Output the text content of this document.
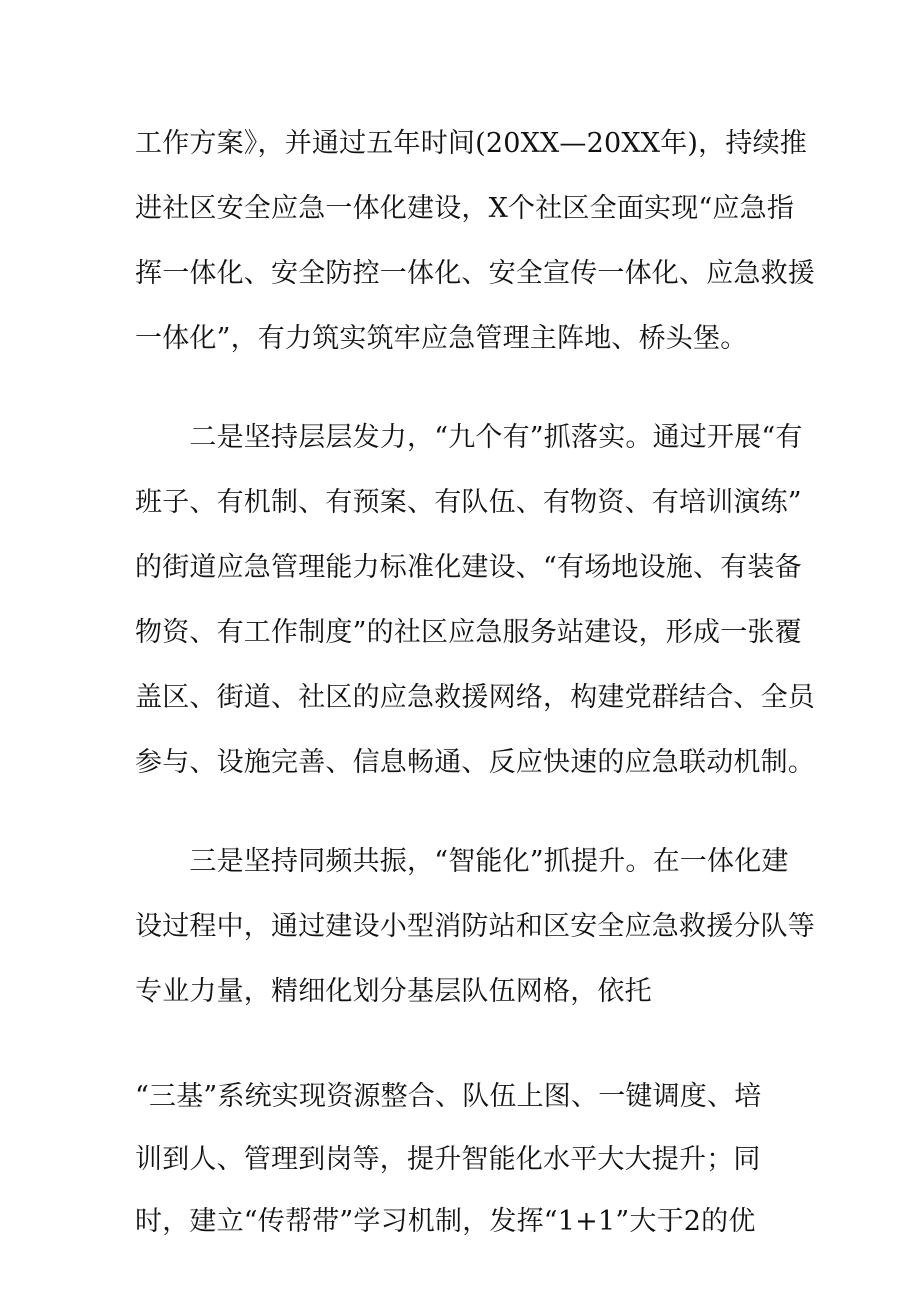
工作方案》，并通过五年时间(20XX—20XX年)，持续推
进社区安全应急一体化建设，X个社区全面实现“应急指
挥一体化、安全防控一体化、安全宣传一体化、应急救援
一体化”，有力筑实筑牢应急管理主阵地、桥头堡。
　　二是坚持层层发力，“九个有”抓落实。通过开展“有
班子、有机制、有预案、有队伍、有物资、有培训演练”
的街道应急管理能力标准化建设、“有场地设施、有装备
物资、有工作制度”的社区应急服务站建设，形成一张覆
盖区、街道、社区的应急救援网络，构建党群结合、全员
参与、设施完善、信息畅通、反应快速的应急联动机制。
　　三是坚持同频共振，“智能化”抓提升。在一体化建
设过程中，通过建设小型消防站和区安全应急救援分队等
专业力量，精细化划分基层队伍网格，依托
“三基”系统实现资源整合、队伍上图、一键调度、培
训到人、管理到岗等，提升智能化水平大大提升；同
时，建立“传帮带”学习机制，发挥“1+1”大于2的优
